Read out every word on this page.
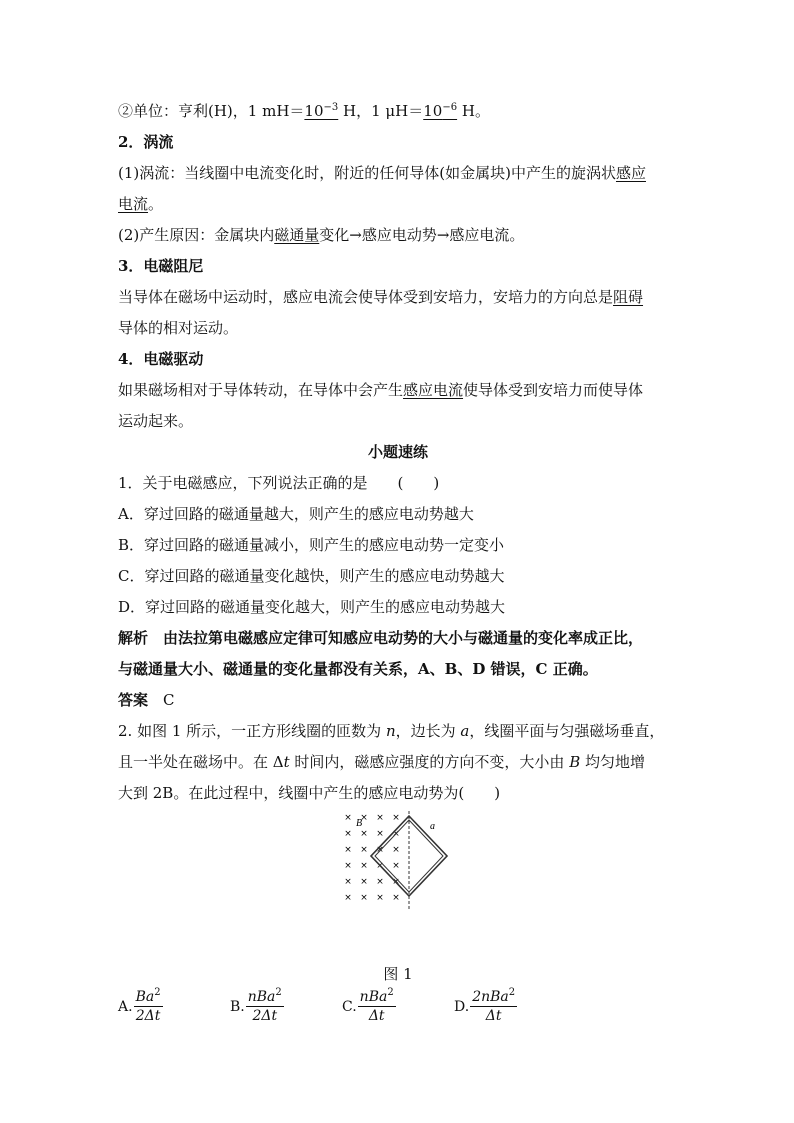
②单位：亨利(H)，1 $mH=10^{-3}$ H，1 $\mu H=10^{-6}$ H。
2．涡流
(1)涡流：当线圈中电流变化时，附近的任何导体(如金属块)中产生的旋涡状感应
电流。
(2)产生原因：金属块内磁通量变化→感应电动势→感应电流。
3．电磁阻尼
当导体在磁场中运动时，感应电流会使导体受到安培力，安培力的方向总是阻碍
导体的相对运动。
4．电磁驱动
如果磁场相对于导体转动，在导体中会产生感应电流使导体受到安培力而使导体
运动起来。
小题速练
1．关于电磁感应，下列说法正确的是　　(　　)
A．穿过回路的磁通量越大，则产生的感应电动势越大
B．穿过回路的磁通量减小，则产生的感应电动势一定变小
C．穿过回路的磁通量变化越快，则产生的感应电动势越大
D．穿过回路的磁通量变化越大，则产生的感应电动势越大
解析　 由法拉第电磁感应定律可知感应电动势的大小与磁通量的变化率成正比，
与磁通量大小、磁通量的变化量都没有关系，A、B、D 错误，C 正确。
答案　 C
2. 如图 1 所示，一正方形线圈的匝数为 n，边长为 a，线圈平面与匀强磁场垂直，
且一半处在磁场中。在 Δt 时间内，磁感应强度的方向不变，大小由 B 均匀地增
大到 2B。在此过程中，线圈中产生的感应电动势为(　　)
× × × ×
× × × ×
× × × ×
× × × ×
× × × ×
× × × ×
B	a
图 1
A. $\frac{Ba^2}{2\Delta t}$	B. $\frac{nBa^2}{2\Delta t}$	C. $\frac{nBa^2}{\Delta t}$	D. $\frac{2nBa^2}{\Delta t}$
